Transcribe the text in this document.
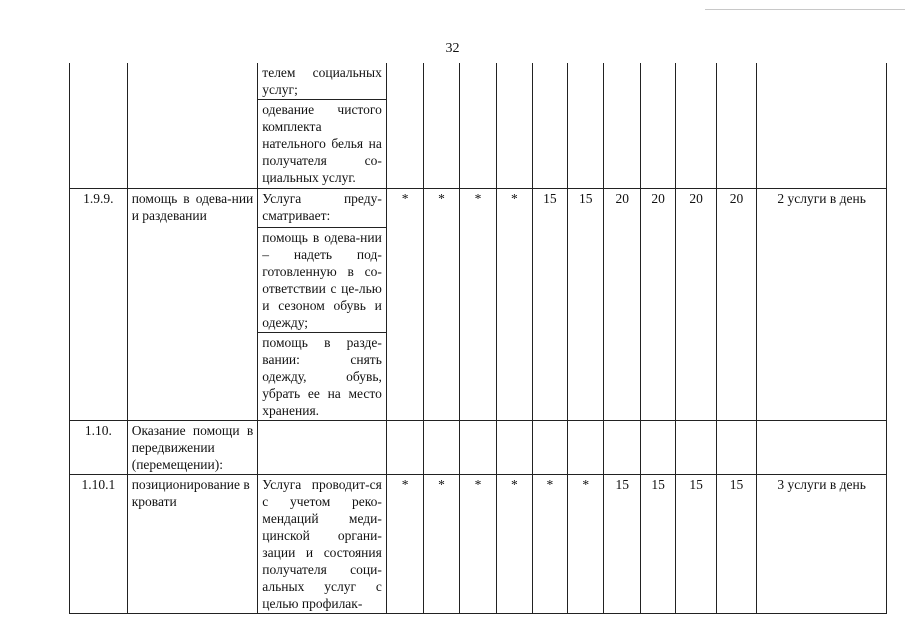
32
		телем социальных услуг;											
		одевание чистого комплекта нательного белья на получателя со-циальных услуг.											
1.9.9.	помощь в одева-нии и раздевании	Услуга преду-сматривает:	*	*	*	*	15	15	20	20	20	20	2 услуги в день
		помощь в одева-нии – надеть под-готовленную в со-ответствии с це-лью и сезоном обувь и одежду;											
		помощь в разде-вании: снять одежду, обувь, убрать ее на место хранения.											
1.10.	Оказание помощи в передвижении (перемещении):												
1.10.1	позиционирование в кровати	Услуга проводит-ся с учетом реко-мендаций меди-цинской органи-зации и состояния получателя соци-альных услуг с целью профилак-	*	*	*	*	*	*	15	15	15	15	3 услуги в день
